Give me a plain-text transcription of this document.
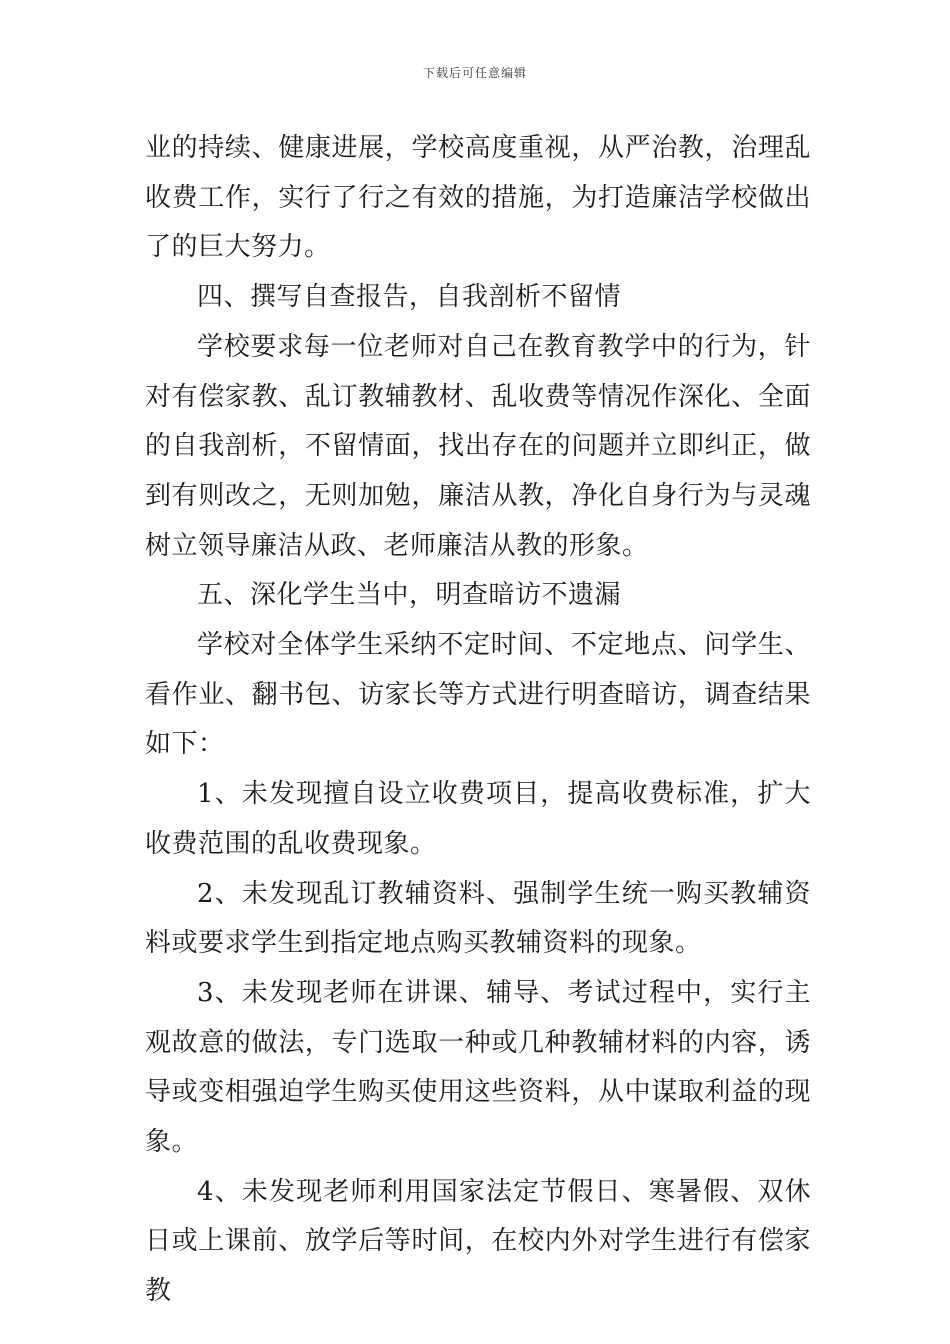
下载后可任意编辑

业的持续、健康进展，学校高度重视，从严治教，治理乱收费工作，实行了行之有效的措施，为打造廉洁学校做出了的巨大努力。

四、撰写自查报告，自我剖析不留情

学校要求每一位老师对自己在教育教学中的行为，针对有偿家教、乱订教辅教材、乱收费等情况作深化、全面的自我剖析，不留情面，找出存在的问题并立即纠正，做到有则改之，无则加勉，廉洁从教，净化自身行为与灵魂树立领导廉洁从政、老师廉洁从教的形象。

五、深化学生当中，明查暗访不遗漏

学校对全体学生采纳不定时间、不定地点、问学生、看作业、翻书包、访家长等方式进行明查暗访，调查结果如下：

1、未发现擅自设立收费项目，提高收费标准，扩大收费范围的乱收费现象。

2、未发现乱订教辅资料、强制学生统一购买教辅资料或要求学生到指定地点购买教辅资料的现象。

3、未发现老师在讲课、辅导、考试过程中，实行主观故意的做法，专门选取一种或几种教辅材料的内容，诱导或变相强迫学生购买使用这些资料，从中谋取利益的现象。

4、未发现老师利用国家法定节假日、寒暑假、双休日或上课前、放学后等时间，在校内外对学生进行有偿家教
